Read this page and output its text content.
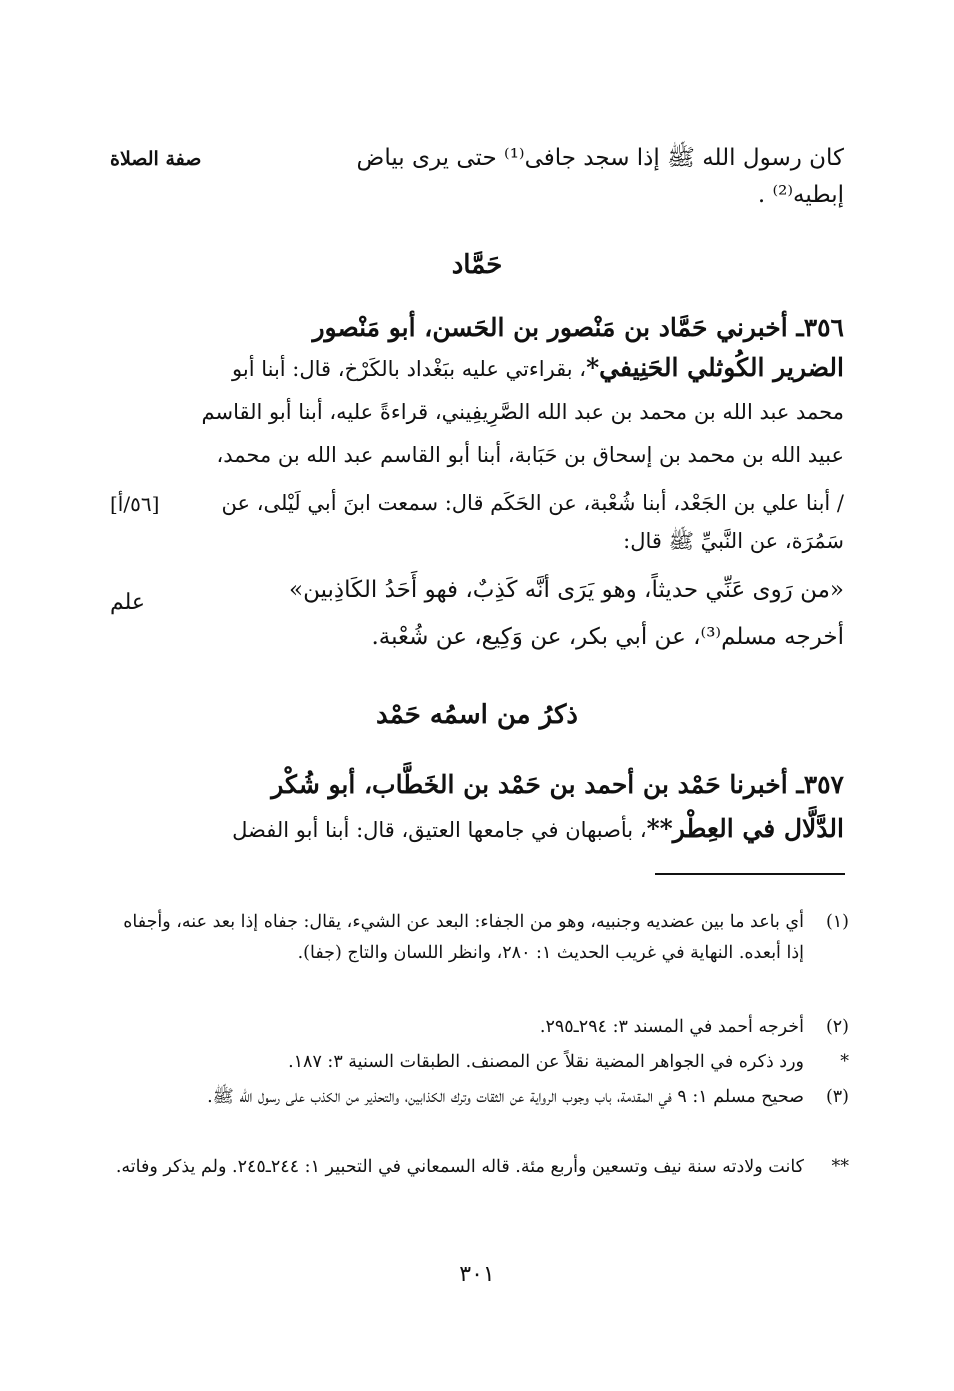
صفة الصلاة
[٥٦/أ]
علم
كان رسول الله ﷺ إذا سجد جافى⁽¹⁾ حتى يرى بياض
إبطيه⁽²⁾ .
حَمَّاد
٣٥٦ـ أخبرني حَمَّاد بن مَنْصور بن الحَسن، أبو مَنْصور
الضرير الكُوثلي الحَنِيفي*، بقراءتي عليه ببَغْداد بالكَرْخ، قال: أبنا أبو
محمد عبد الله بن محمد بن عبد الله الصَّرِيفِيني، قراءةً عليه، أبنا أبو القاسم
عبيد الله بن محمد بن إسحاق بن حَبَابة، أبنا أبو القاسم عبد الله بن محمد،
/ أبنا علي بن الجَعْد، أبنا شُعْبة، عن الحَكَم قال: سمعت ابنَ أبي لَيْلى، عن
سَمُرَة، عن النَّبيِّ ﷺ قال:
«من رَوى عَنِّي حديثاً، وهو يَرَى أنَّه كَذِبٌ، فهو أَحَدُ الكَاذِبين»
أخرجه مسلم⁽³⁾، عن أبي بكر، عن وَكِيع، عن شُعْبة.
ذكرُ من اسمُه حَمْد
٣٥٧ـ أخبرنا حَمْد بن أحمد بن حَمْد بن الخَطَّاب، أبو شُكْر
الدَّلَّال في العِطْر**، بأصبهان في جامعها العتيق، قال: أبنا أبو الفضل
(١)
أي باعد ما بين عضديه وجنبيه، وهو من الجفاء: البعد عن الشيء، يقال: جفاه إذا بعد عنه، وأجفاه إذا أبعده. النهاية في غريب الحديث ١: ٢٨٠، وانظر اللسان والتاج (جفا).
(٢)
أخرجه أحمد في المسند ٣: ٢٩٤ـ٢٩٥.
*
ورد ذكره في الجواهر المضية نقلاً عن المصنف. الطبقات السنية ٣: ١٨٧.
(٣)
صحيح مسلم ١: ٩ في المقدمة، باب وجوب الرواية عن الثقات وترك الكذابين، والتحذير من الكذب على رسول الله ﷺ.
**
كانت ولادته سنة نيف وتسعين وأربع مئة. قاله السمعاني في التحبير ١: ٢٤٤ـ٢٤٥. ولم يذكر وفاته.
٣٠١
